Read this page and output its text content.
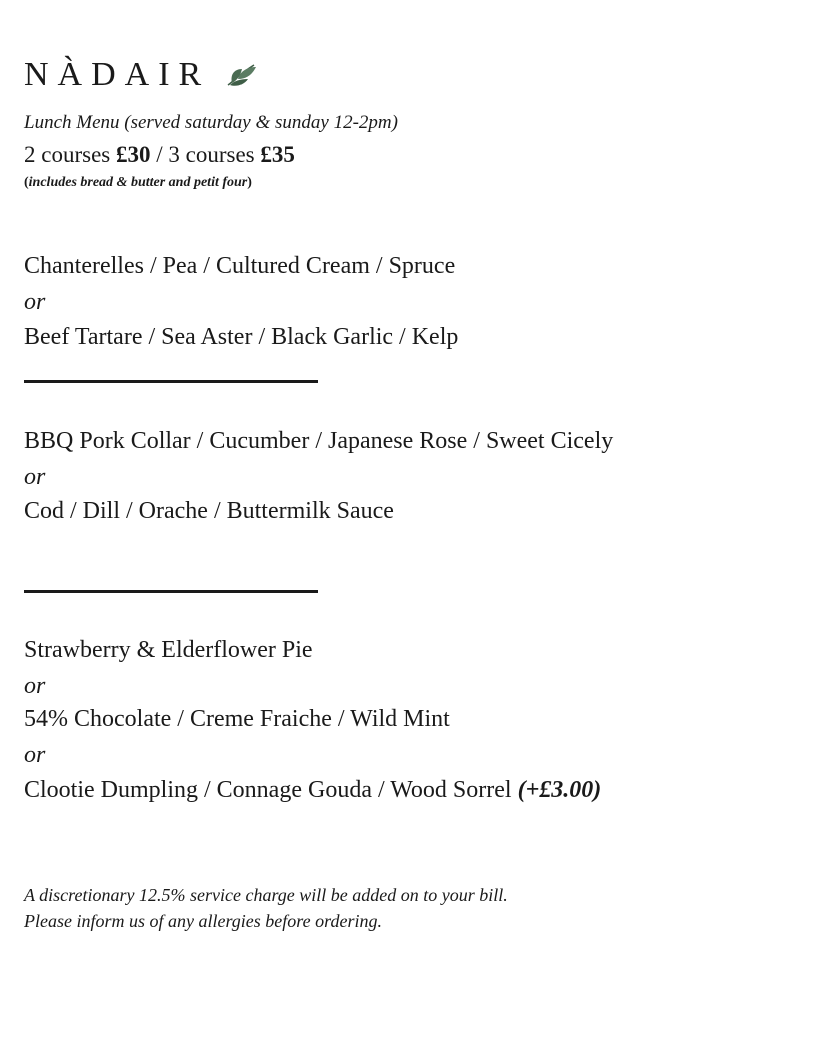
NÀDAIR
Lunch Menu (served saturday & sunday 12-2pm)
2 courses £30 / 3 courses £35
(includes bread & butter and petit four)
Chanterelles / Pea / Cultured Cream / Spruce
or
Beef Tartare / Sea Aster / Black Garlic / Kelp
BBQ Pork Collar / Cucumber / Japanese Rose / Sweet Cicely
or
Cod / Dill / Orache / Buttermilk Sauce
Strawberry & Elderflower Pie
or
54% Chocolate / Creme Fraiche / Wild Mint
or
Clootie Dumpling / Connage Gouda / Wood Sorrel (+£3.00)
A discretionary 12.5% service charge will be added on to your bill.
Please inform us of any allergies before ordering.
